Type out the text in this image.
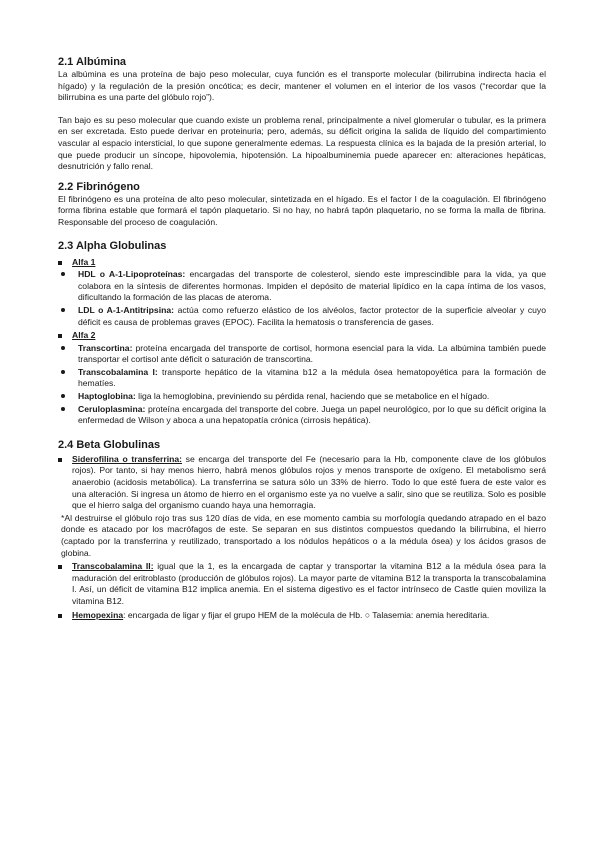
2.1 Albúmina

La albúmina es una proteína de bajo peso molecular, cuya función es el transporte molecular (bilirrubina indirecta hacia el hígado) y la regulación de la presión oncótica; es decir, mantener el volumen en el interior de los vasos (“recordar que la bilirrubina es una parte del glóbulo rojo”).

Tan bajo es su peso molecular que cuando existe un problema renal, principalmente a nivel glomerular o tubular, es la primera en ser excretada. Esto puede derivar en proteinuria; pero, además, su déficit origina la salida de líquido del compartimiento vascular al espacio intersticial, lo que supone generalmente edemas. La respuesta clínica es la bajada de la presión arterial, lo que puede producir un síncope, hipovolemia, hipotensión. La hipoalbuminemia puede aparecer en: alteraciones hepáticas, desnutrición y fallo renal.

2.2 Fibrinógeno

El fibrinógeno es una proteína de alto peso molecular, sintetizada en el hígado. Es el factor I de la coagulación. El fibrinógeno forma fibrina estable que formará el tapón plaquetario. Si no hay, no habrá tapón plaquetario, no se forma la malla de fibrina. Responsable del proceso de coagulación.

2.3 Alpha Globulinas
Alfa 1
HDL o A-1-Lipoproteínas: encargadas del transporte de colesterol, siendo este imprescindible para la vida, ya que colabora en la síntesis de diferentes hormonas. Impiden el depósito de material lipídico en la capa íntima de los vasos, dificultando la formación de las placas de ateroma.
LDL o A-1-Antitripsina: actúa como refuerzo elástico de los alvéolos, factor protector de la superficie alveolar y cuyo déficit es causa de problemas graves (EPOC). Facilita la hematosis o transferencia de gases.
Alfa 2
Transcortina: proteína encargada del transporte de cortisol, hormona esencial para la vida. La albúmina también puede transportar el cortisol ante déficit o saturación de transcortina.
Transcobalamina I: transporte hepático de la vitamina b12 a la médula ósea hematopoyética para la formación de hematíes.
Haptoglobina: liga la hemoglobina, previniendo su pérdida renal, haciendo que se metabolice en el hígado.
Ceruloplasmina: proteína encargada del transporte del cobre. Juega un papel neurológico, por lo que su déficit origina la enfermedad de Wilson y aboca a una hepatopatía crónica (cirrosis hepática).
2.4 Beta Globulinas
Siderofilina o transferrina: se encarga del transporte del Fe (necesario para la Hb, componente clave de los glóbulos rojos). Por tanto, si hay menos hierro, habrá menos glóbulos rojos y menos transporte de oxígeno. El metabolismo será anaerobio (acidosis metabólica). La transferrina se satura sólo un 33% de hierro. Todo lo que esté fuera de este valor es una alteración. Si ingresa un átomo de hierro en el organismo este ya no vuelve a salir, sino que se reutiliza. Solo es posible que el hierro salga del organismo cuando haya una hemorragia.

*Al destruirse el glóbulo rojo tras sus 120 días de vida, en ese momento cambia su morfología quedando atrapado en el bazo donde es atacado por los macrófagos de este. Se separan en sus distintos compuestos quedando la bilirrubina, el hierro (captado por la transferrina y reutilizado, transportado a los nódulos hepáticos o a la médula ósea) y los ácidos grasos de globina.

Transcobalamina II: igual que la 1, es la encargada de captar y transportar la vitamina B12 a la médula ósea para la maduración del eritroblasto (producción de glóbulos rojos). La mayor parte de vitamina B12 la transporta la transcobalamina I. Así, un déficit de vitamina B12 implica anemia. En el sistema digestivo es el factor intrínseco de Castle quien moviliza la vitamina B12.
Hemopexina: encargada de ligar y fijar el grupo HEM de la molécula de Hb. ○ Talasemia: anemia hereditaria.
